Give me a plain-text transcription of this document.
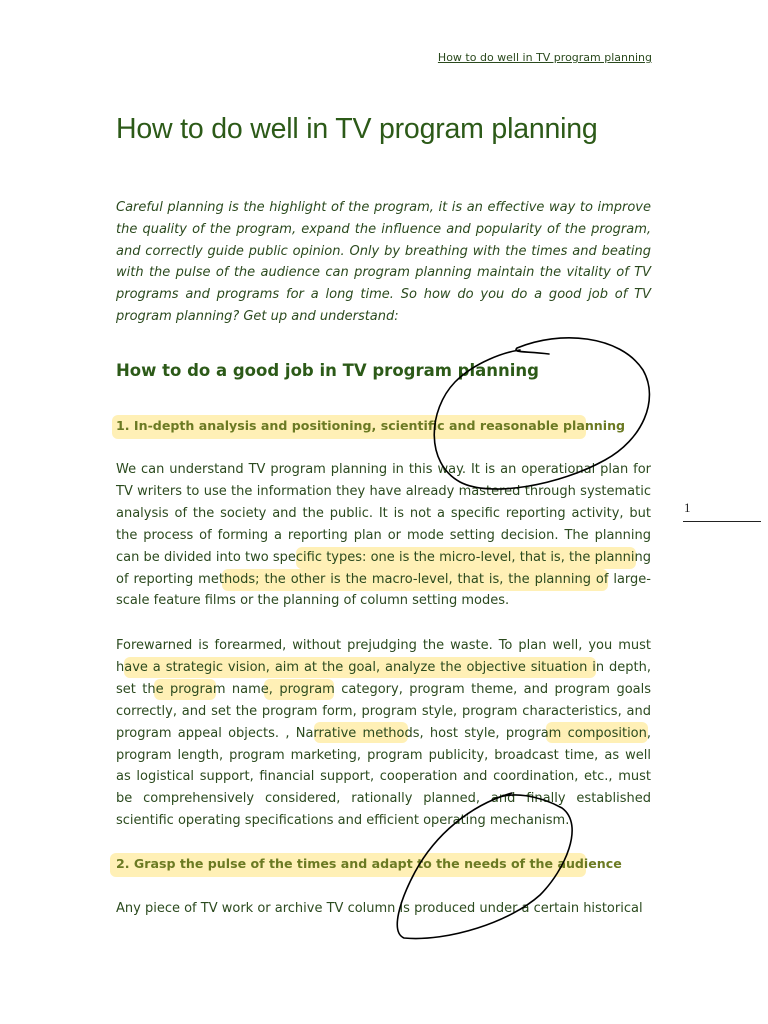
How to do well in TV program planning
How to do well in TV program planning

Careful planning is the highlight of the program, it is an effective way to improve the quality of the program, expand the influence and popularity of the program, and correctly guide public opinion. Only by breathing with the times and beating with the pulse of the audience can program planning maintain the vitality of TV programs and programs for a long time. So how do you do a good job of TV program planning? Get up and understand:

How to do a good job in TV program planning
1. In-depth analysis and positioning, scientific and reasonable planning

We can understand TV program planning in this way. It is an operational plan for TV writers to use the information they have already mastered through systematic analysis of the society and the public. It is not a specific reporting activity, but the process of forming a reporting plan or mode setting decision. The planning can be divided into two specific types: one is the micro-level, that is, the planning of reporting methods; the other is the macro-level, that is, the planning of large-scale feature films or the planning of column setting modes.

Forewarned is forearmed, without prejudging the waste. To plan well, you must have a strategic vision, aim at the goal, analyze the objective situation in depth, set the program name, program category, program theme, and program goals correctly, and set the program form, program style, program characteristics, and program appeal objects. , Narrative methods, host style, program composition, program length, program marketing, program publicity, broadcast time, as well as logistical support, financial support, cooperation and coordination, etc., must be comprehensively considered, rationally planned, and finally established scientific operating specifications and efficient operating mechanism.

2. Grasp the pulse of the times and adapt to the needs of the audience

Any piece of TV work or archive TV column is produced under a certain historical

1
